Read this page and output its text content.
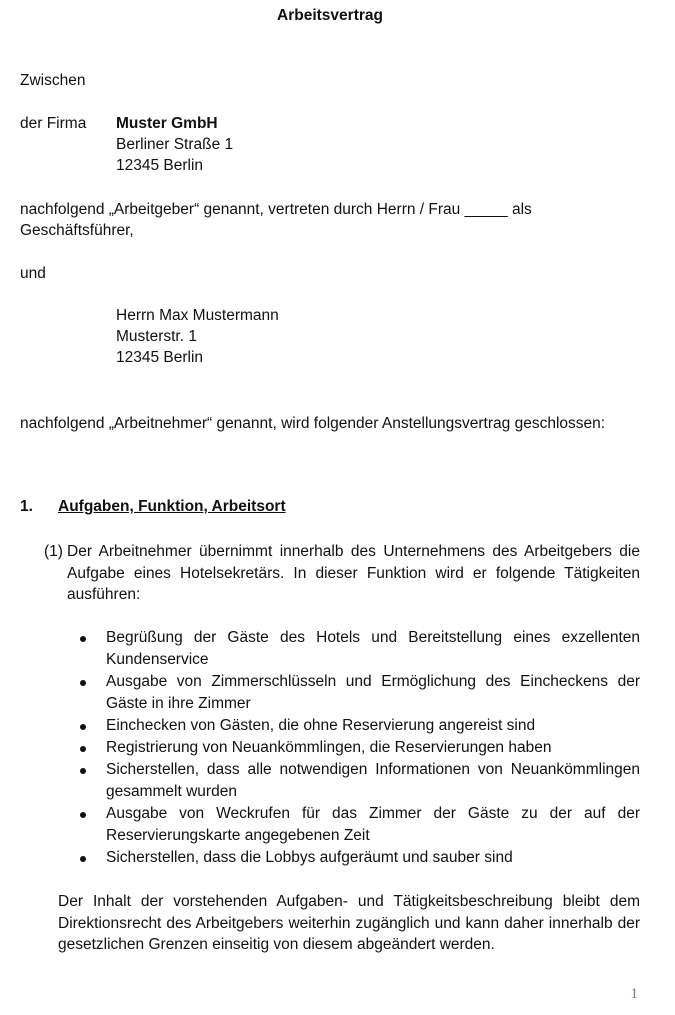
Arbeitsvertrag
Zwischen
der Firma Muster GmbH
Berliner Straße 1
12345 Berlin
nachfolgend „Arbeitgeber“ genannt, vertreten durch Herrn / Frau _____ als
Geschäftsführer,
und
Herrn Max Mustermann
Musterstr. 1
12345 Berlin
nachfolgend „Arbeitnehmer“ genannt, wird folgender Anstellungsvertrag geschlossen:
1. Aufgaben, Funktion, Arbeitsort
(1) Der Arbeitnehmer übernimmt innerhalb des Unternehmens des Arbeitgebers die Aufgabe eines Hotelsekretärs. In dieser Funktion wird er folgende Tätigkeiten ausführen:
Begrüßung der Gäste des Hotels und Bereitstellung eines exzellenten Kundenservice
Ausgabe von Zimmerschlüsseln und Ermöglichung des Eincheckens der Gäste in ihre Zimmer
Einchecken von Gästen, die ohne Reservierung angereist sind
Registrierung von Neuankömmlingen, die Reservierungen haben
Sicherstellen, dass alle notwendigen Informationen von Neuankömmlingen gesammelt wurden
Ausgabe von Weckrufen für das Zimmer der Gäste zu der auf der Reservierungskarte angegebenen Zeit
Sicherstellen, dass die Lobbys aufgeräumt und sauber sind
Der Inhalt der vorstehenden Aufgaben- und Tätigkeitsbeschreibung bleibt dem Direktionsrecht des Arbeitgebers weiterhin zugänglich und kann daher innerhalb der gesetzlichen Grenzen einseitig von diesem abgeändert werden.
1
